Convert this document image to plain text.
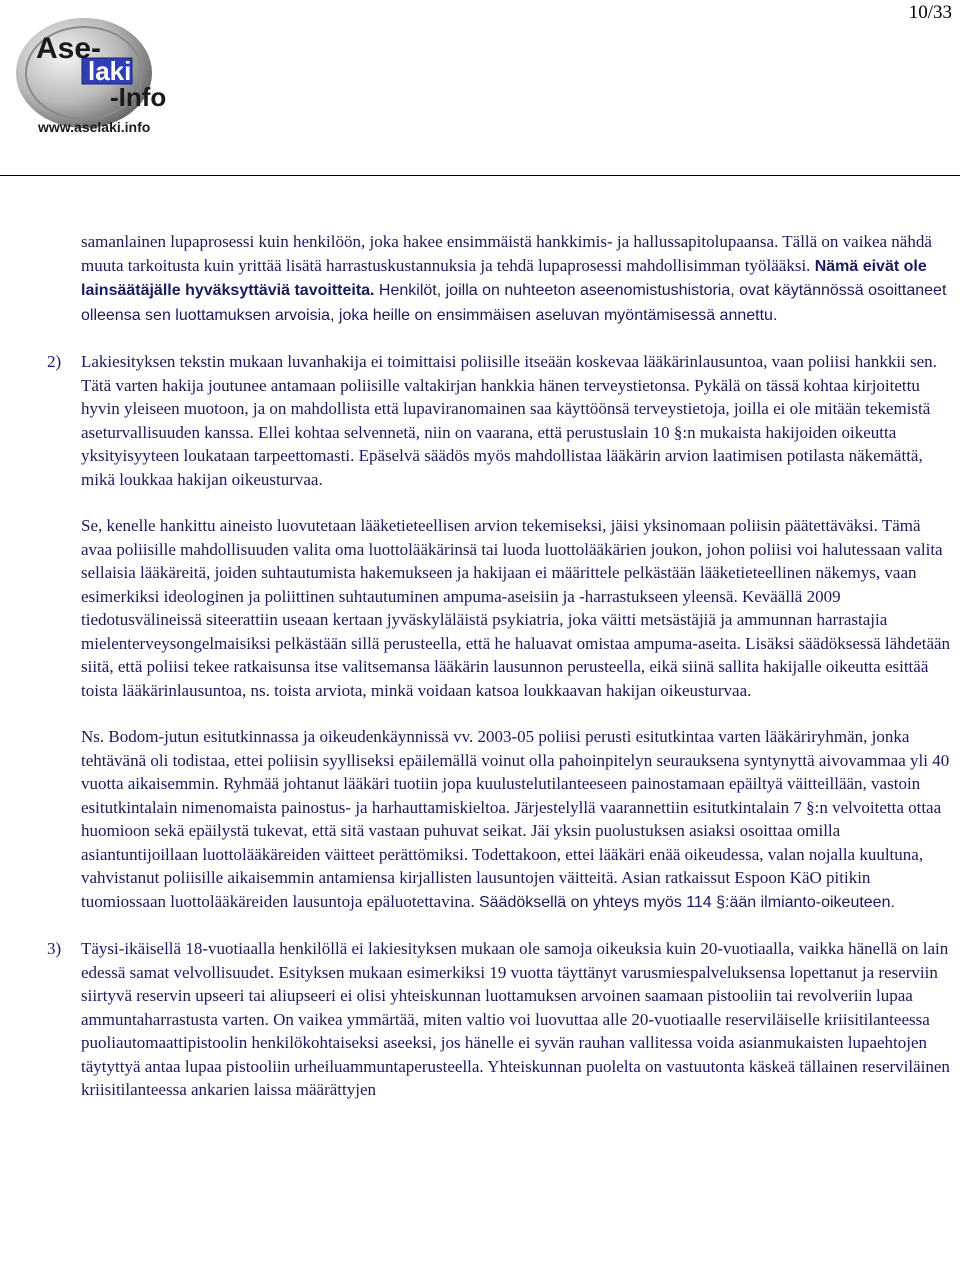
10/33
Ase-
laki
-Info
www.aselaki.info

samanlainen lupaprosessi kuin henkilöön, joka hakee ensimmäistä hankkimis- ja hallussapitolupaansa. Tällä on vaikea nähdä muuta tarkoitusta kuin yrittää lisätä harrastuskustannuksia ja tehdä lupaprosessi mahdollisimman työlääksi. Nämä eivät ole lainsäätäjälle hyväksyttäviä tavoitteita. Henkilöt, joilla on nuhteeton aseenomistushistoria, ovat käytännössä osoittaneet olleensa sen luottamuksen arvoisia, joka heille on ensimmäisen aseluvan myöntämisessä annettu.

2) Lakiesityksen tekstin mukaan luvanhakija ei toimittaisi poliisille itseään koskevaa lääkärinlausuntoa, vaan poliisi hankkii sen. Tätä varten hakija joutunee antamaan poliisille valtakirjan hankkia hänen terveystietonsa. Pykälä on tässä kohtaa kirjoitettu hyvin yleiseen muotoon, ja on mahdollista että lupaviranomainen saa käyttöönsä terveystietoja, joilla ei ole mitään tekemistä aseturvallisuuden kanssa. Ellei kohtaa selvennetä, niin on vaarana, että perustuslain 10 §:n mukaista hakijoiden oikeutta yksityisyyteen loukataan tarpeettomasti. Epäselvä säädös myös mahdollistaa lääkärin arvion laatimisen potilasta näkemättä, mikä loukkaa hakijan oikeusturvaa.

Se, kenelle hankittu aineisto luovutetaan lääketieteellisen arvion tekemiseksi, jäisi yksinomaan poliisin päätettäväksi. Tämä avaa poliisille mahdollisuuden valita oma luottolääkärinsä tai luoda luottolääkärien joukon, johon poliisi voi halutessaan valita sellaisia lääkäreitä, joiden suhtautumista hakemukseen ja hakijaan ei määrittele pelkästään lääketieteellinen näkemys, vaan esimerkiksi ideologinen ja poliittinen suhtautuminen ampuma-aseisiin ja -harrastukseen yleensä. Keväällä 2009 tiedotusvälineissä siteerattiin useaan kertaan jyväskyläläistä psykiatria, joka väitti metsästäjiä ja ammunnan harrastajia mielenterveysongelmaisiksi pelkästään sillä perusteella, että he haluavat omistaa ampuma-aseita. Lisäksi säädöksessä lähdetään siitä, että poliisi tekee ratkaisunsa itse valitsemansa lääkärin lausunnon perusteella, eikä siinä sallita hakijalle oikeutta esittää toista lääkärinlausuntoa, ns. toista arviota, minkä voidaan katsoa loukkaavan hakijan oikeusturvaa.

Ns. Bodom-jutun esitutkinnassa ja oikeudenkäynnissä vv. 2003-05 poliisi perusti esitutkintaa varten lääkäriryhmän, jonka tehtävänä oli todistaa, ettei poliisin syylliseksi epäilemällä voinut olla pahoinpitelyn seurauksena syntynyttä aivovammaa yli 40 vuotta aikaisemmin. Ryhmää johtanut lääkäri tuotiin jopa kuulustelutilanteeseen painostamaan epäiltyä väitteillään, vastoin esitutkintalain nimenomaista painostus- ja harhauttamiskieltoa. Järjestelyllä vaarannettiin esitutkintalain 7 §:n velvoitetta ottaa huomioon sekä epäilystä tukevat, että sitä vastaan puhuvat seikat. Jäi yksin puolustuksen asiaksi osoittaa omilla asiantuntijoillaan luottolääkäreiden väitteet perättömiksi. Todettakoon, ettei lääkäri enää oikeudessa, valan nojalla kuultuna, vahvistanut poliisille aikaisemmin antamiensa kirjallisten lausuntojen väitteitä. Asian ratkaissut Espoon KäO pitikin tuomiossaan luottolääkäreiden lausuntoja epäluotettavina. Säädöksellä on yhteys myös 114 §:ään ilmianto-oikeuteen.

3) Täysi-ikäisellä 18-vuotiaalla henkilöllä ei lakiesityksen mukaan ole samoja oikeuksia kuin 20-vuotiaalla, vaikka hänellä on lain edessä samat velvollisuudet. Esityksen mukaan esimerkiksi 19 vuotta täyttänyt varusmiespalveluksensa lopettanut ja reserviin siirtyvä reservin upseeri tai aliupseeri ei olisi yhteiskunnan luottamuksen arvoinen saamaan pistooliin tai revolveriin lupaa ammuntaharrastusta varten. On vaikea ymmärtää, miten valtio voi luovuttaa alle 20-vuotiaalle reserviläiselle kriisitilanteessa puoliautomaattipistoolin henkilökohtaiseksi aseeksi, jos hänelle ei syvän rauhan vallitessa voida asianmukaisten lupaehtojen täytyttyä antaa lupaa pistooliin urheiluammuntaperusteella. Yhteiskunnan puolelta on vastuutonta käskeä tällainen reserviläinen kriisitilanteessa ankarien laissa määrättyjen
